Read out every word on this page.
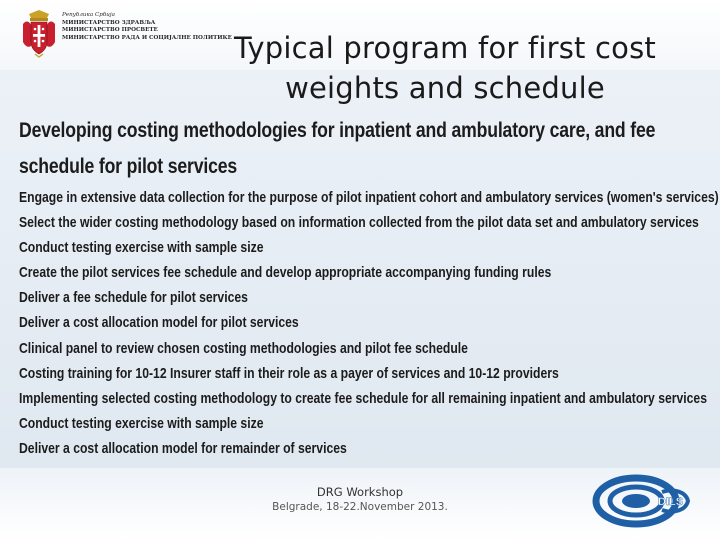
Република Србија
МИНИСТАРСТВО ЗДРАВЉА
МИНИСТАРСТВО ПРОСВЕТЕ
МИНИСТАРСТВО РАДА И СОЦИЈАЛНЕ ПОЛИТИКЕ Typical program for first cost
weights and schedule
Developing costing methodologies for inpatient and ambulatory care, and fee
schedule for pilot services
Engage in extensive data collection for the purpose of pilot inpatient cohort and ambulatory services (women's services)
Select the wider costing methodology based on information collected from the pilot data set and ambulatory services
Conduct testing exercise with sample size
Create the pilot services fee schedule and develop appropriate accompanying funding rules
Deliver a fee schedule for pilot services
Deliver a cost allocation model for pilot services
Clinical panel to review chosen costing methodologies and pilot fee schedule
Costing training for 10-12 Insurer staff in their role as a payer of services and 10-12 providers
Implementing selected costing methodology to create fee schedule for all remaining inpatient and ambulatory services
Conduct testing exercise with sample size
Deliver a cost allocation model for remainder of services
DRG Workshop
Belgrade, 18-22.November 2013.	DILS
